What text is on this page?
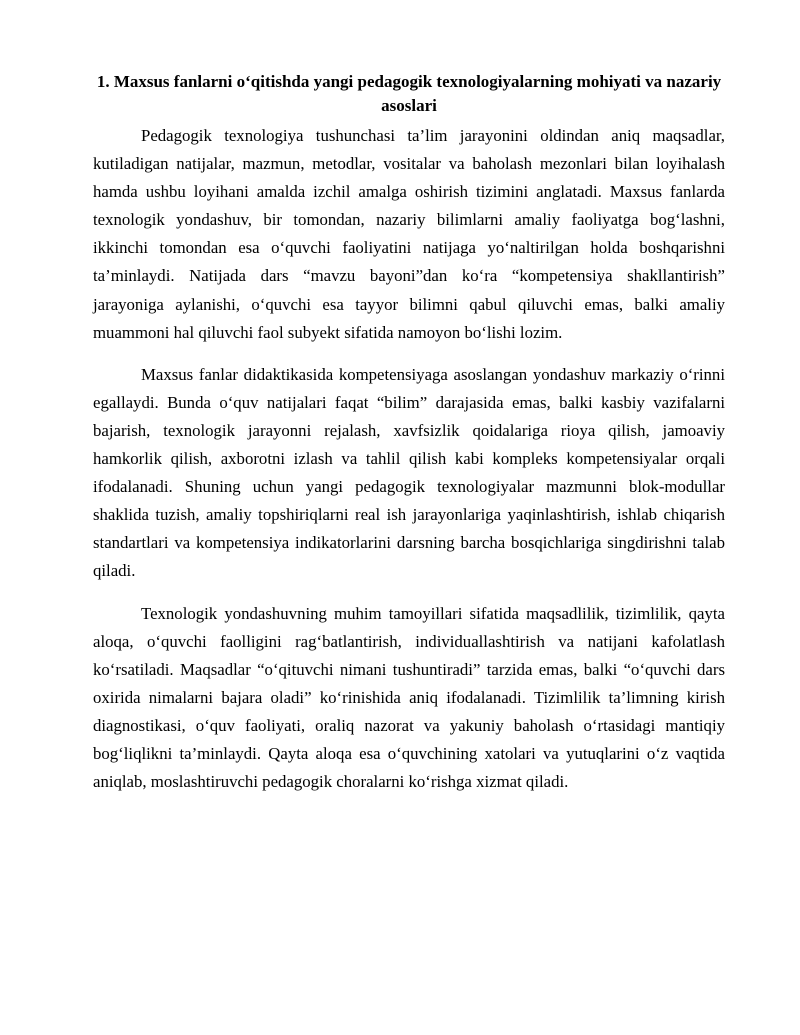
1. Maxsus fanlarni o‘qitishda yangi pedagogik texnologiyalarning mohiyati va nazariy asoslari

Pedagogik texnologiya tushunchasi ta’lim jarayonini oldindan aniq maqsadlar, kutiladigan natijalar, mazmun, metodlar, vositalar va baholash mezonlari bilan loyihalash hamda ushbu loyihani amalda izchil amalga oshirish tizimini anglatadi. Maxsus fanlarda texnologik yondashuv, bir tomondan, nazariy bilimlarni amaliy faoliyatga bog‘lashni, ikkinchi tomondan esa o‘quvchi faoliyatini natijaga yo‘naltirilgan holda boshqarishni ta’minlaydi. Natijada dars “mavzu bayoni”dan ko‘ra “kompetensiya shakllantirish” jarayoniga aylanishi, o‘quvchi esa tayyor bilimni qabul qiluvchi emas, balki amaliy muammoni hal qiluvchi faol subyekt sifatida namoyon bo‘lishi lozim.

Maxsus fanlar didaktikasida kompetensiyaga asoslangan yondashuv markaziy o‘rinni egallaydi. Bunda o‘quv natijalari faqat “bilim” darajasida emas, balki kasbiy vazifalarni bajarish, texnologik jarayonni rejalash, xavfsizlik qoidalariga rioya qilish, jamoaviy hamkorlik qilish, axborotni izlash va tahlil qilish kabi kompleks kompetensiyalar orqali ifodalanadi. Shuning uchun yangi pedagogik texnologiyalar mazmunni blok-modullar shaklida tuzish, amaliy topshiriqlarni real ish jarayonlariga yaqinlashtirish, ishlab chiqarish standartlari va kompetensiya indikatorlarini darsning barcha bosqichlariga singdirishni talab qiladi.

Texnologik yondashuvning muhim tamoyillari sifatida maqsadlilik, tizimlilik, qayta aloqa, o‘quvchi faolligini rag‘batlantirish, individuallashtirish va natijani kafolatlash ko‘rsatiladi. Maqsadlar “o‘qituvchi nimani tushuntiradi” tarzida emas, balki “o‘quvchi dars oxirida nimalarni bajara oladi” ko‘rinishida aniq ifodalanadi. Tizimlilik ta’limning kirish diagnostikasi, o‘quv faoliyati, oraliq nazorat va yakuniy baholash o‘rtasidagi mantiqiy bog‘liqlikni ta’minlaydi. Qayta aloqa esa o‘quvchining xatolari va yutuqlarini o‘z vaqtida aniqlab, moslashtiruvchi pedagogik choralarni ko‘rishga xizmat qiladi.
